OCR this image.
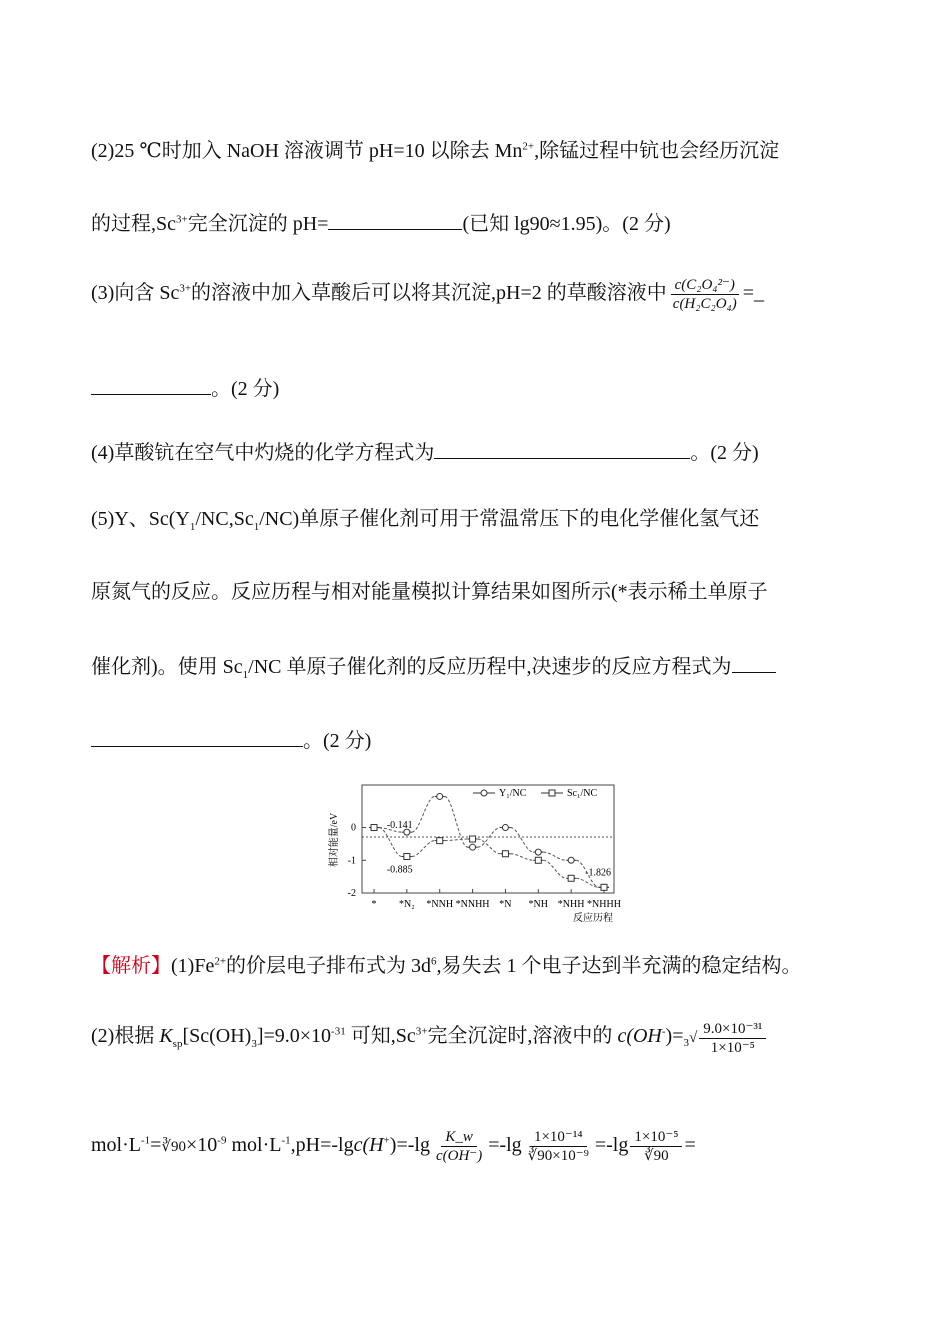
(2)25 ℃时加入 NaOH 溶液调节 pH=10 以除去 $Mn^{2+}$,除锰过程中钪也会经历沉淀
的过程$,Sc^{3+}$完全沉淀的 pH=	(已知 lg90≈1.95)。(2 分)
(3)向含 $Sc^{3+}$的溶液中加入草酸后可以将其沉淀,pH=2 的草酸溶液中 $\frac{\text{c(C₂O₄²⁻)}}{\text{c(H₂C₂O₄)}}$ =_
。(2 分)
(4)草酸钪在空气中灼烧的化学方程式为	。(2 分)
(5)Y、$Sc(Y_1/NC,Sc_1/NC)$单原子催化剂可用于常温常压下的电化学催化氢气还
原氮气的反应。反应历程与相对能量模拟计算结果如图所示(*表示稀土单原子
催化剂)。使用 $Sc_1/NC$ 单原子催化剂的反应历程中,决速步的反应方程式为
。(2 分)
相对能量/eV
反应历程
0
-1
-2
* *N₂ *NNH *NNHH *N *NH *NHH *NHHH
Y₁/NC	Sc₁/NC
-0.141
-0.885	-1.826
【解析】$(1)Fe^{2+}$的价层电子排布式为 $3d^6$,易失去 1 个电子达到半充满的稳定结构。
(2)根据 $K_{sp}[Sc(OH)_3]=9.0\times 10^{-31}$ 可知$,Sc^{3+}$完全沉淀时,溶液中的 $c(OH^-)=_3√ \frac{\text{9.0×10⁻³¹}}{\text{1×10⁻⁵}}$
$mol\cdot L^{-1}=∛90\times 10^{-9}$ $mol\cdot L^{-1},pH=-\lg c(H^+)=-\lg \frac{K\_w}{c(OH^-)} =-\lg \frac{\text{1×10⁻¹⁴}}{\text{∛90×10⁻⁹}} =-\lg \frac{\text{1×10⁻⁵}}{∛90}$ =
